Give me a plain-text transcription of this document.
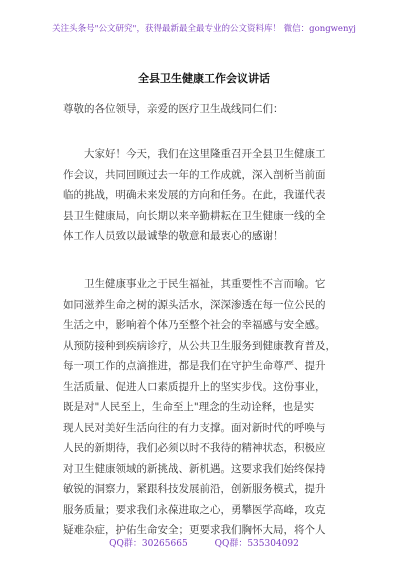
关注头条号"公文研究"，获得最新最全最专业的公文资料库！ 微信：gongwenyj
全县卫生健康工作会议讲话
尊敬的各位领导，亲爱的医疗卫生战线同仁们：
　　大家好！今天，我们在这里隆重召开全县卫生健康工
作会议，共同回顾过去一年的工作成就，深入剖析当前面
临的挑战，明确未来发展的方向和任务。在此，我谨代表
县卫生健康局，向长期以来辛勤耕耘在卫生健康一线的全
体工作人员致以最诚挚的敬意和最衷心的感谢！
　　卫生健康事业之于民生福祉，其重要性不言而喻。它
如同滋养生命之树的源头活水，深深渗透在每一位公民的
生活之中，影响着个体乃至整个社会的幸福感与安全感。
从预防接种到疾病诊疗，从公共卫生服务到健康教育普及，
每一项工作的点滴推进，都是我们在守护生命尊严、提升
生活质量、促进人口素质提升上的坚实步伐。这份事业，
既是对"人民至上，生命至上"理念的生动诠释，也是实
现人民对美好生活向往的有力支撑。面对新时代的呼唤与
人民的新期待，我们必须以时不我待的精神状态，积极应
对卫生健康领域的新挑战、新机遇。这要求我们始终保持
敏锐的洞察力，紧跟科技发展前沿，创新服务模式，提升
服务质量；要求我们永葆进取之心，勇攀医学高峰，攻克
疑难杂症，护佑生命安全；更要求我们胸怀大局，将个人
QQ群：30265665	QQ群：535304092
